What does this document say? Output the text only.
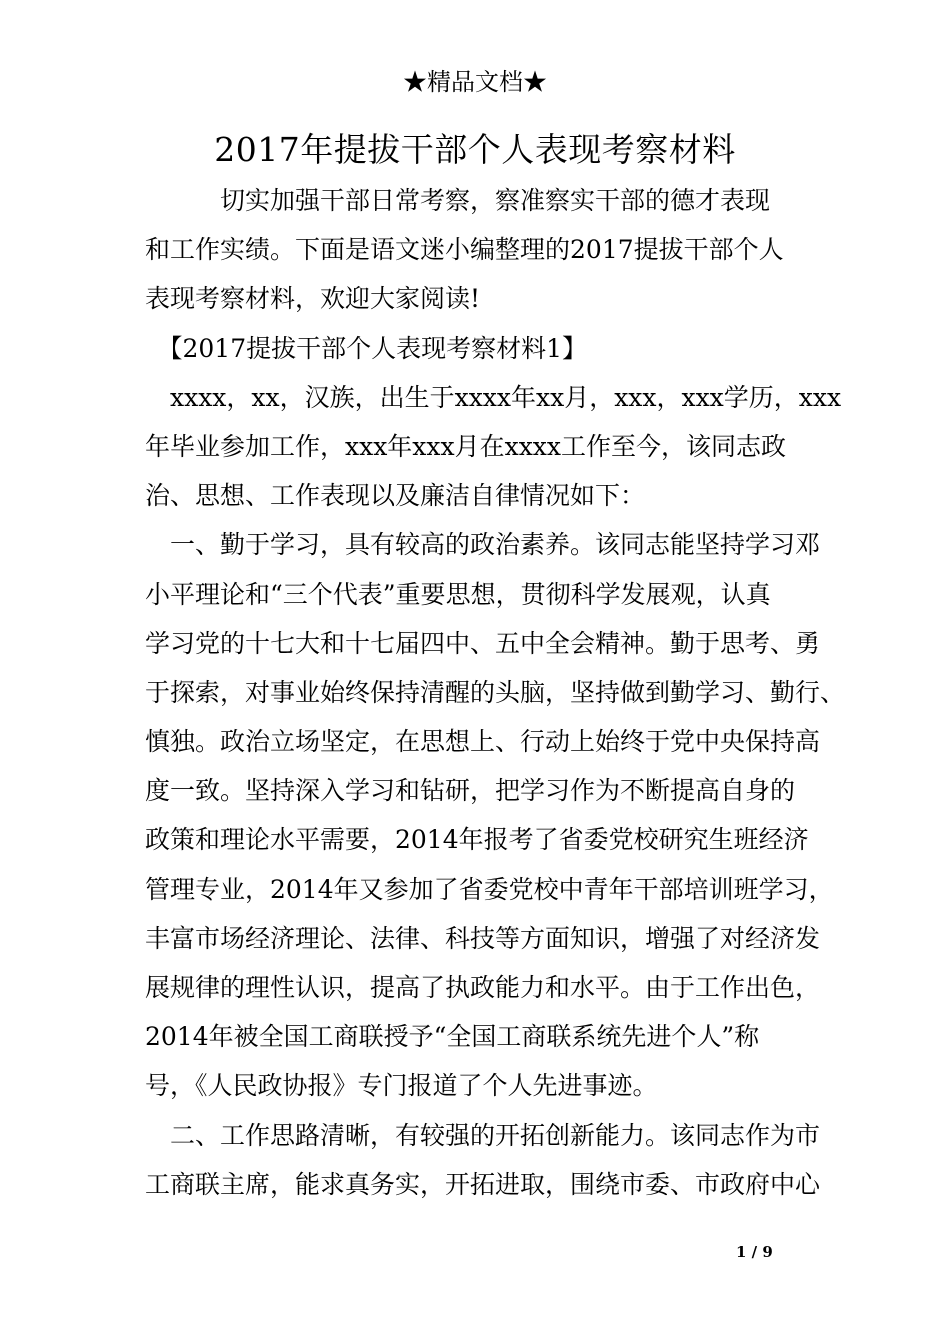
★精品文档★
2017年提拔干部个人表现考察材料
　　　切实加强干部日常考察，察准察实干部的德才表现
和工作实绩。下面是语文迷小编整理的2017提拔干部个人
表现考察材料，欢迎大家阅读!
　【2017提拔干部个人表现考察材料1】
　xxxx，xx，汉族，出生于xxxx年xx月，xxx，xxx学历，xxx
年毕业参加工作，xxx年xxx月在xxxx工作至今，该同志政
治、思想、工作表现以及廉洁自律情况如下：
　一、勤于学习，具有较高的政治素养。该同志能坚持学习邓
小平理论和“三个代表”重要思想，贯彻科学发展观，认真
学习党的十七大和十七届四中、五中全会精神。勤于思考、勇
于探索，对事业始终保持清醒的头脑，坚持做到勤学习、勤行、
慎独。政治立场坚定，在思想上、行动上始终于党中央保持高
度一致。坚持深入学习和钻研，把学习作为不断提高自身的
政策和理论水平需要，2014年报考了省委党校研究生班经济
管理专业，2014年又参加了省委党校中青年干部培训班学习，
丰富市场经济理论、法律、科技等方面知识，增强了对经济发
展规律的理性认识，提高了执政能力和水平。由于工作出色，
2014年被全国工商联授予“全国工商联系统先进个人”称
号，《人民政协报》专门报道了个人先进事迹。
　二、工作思路清晰，有较强的开拓创新能力。该同志作为市
工商联主席，能求真务实，开拓进取，围绕市委、市政府中心
1 / 9
